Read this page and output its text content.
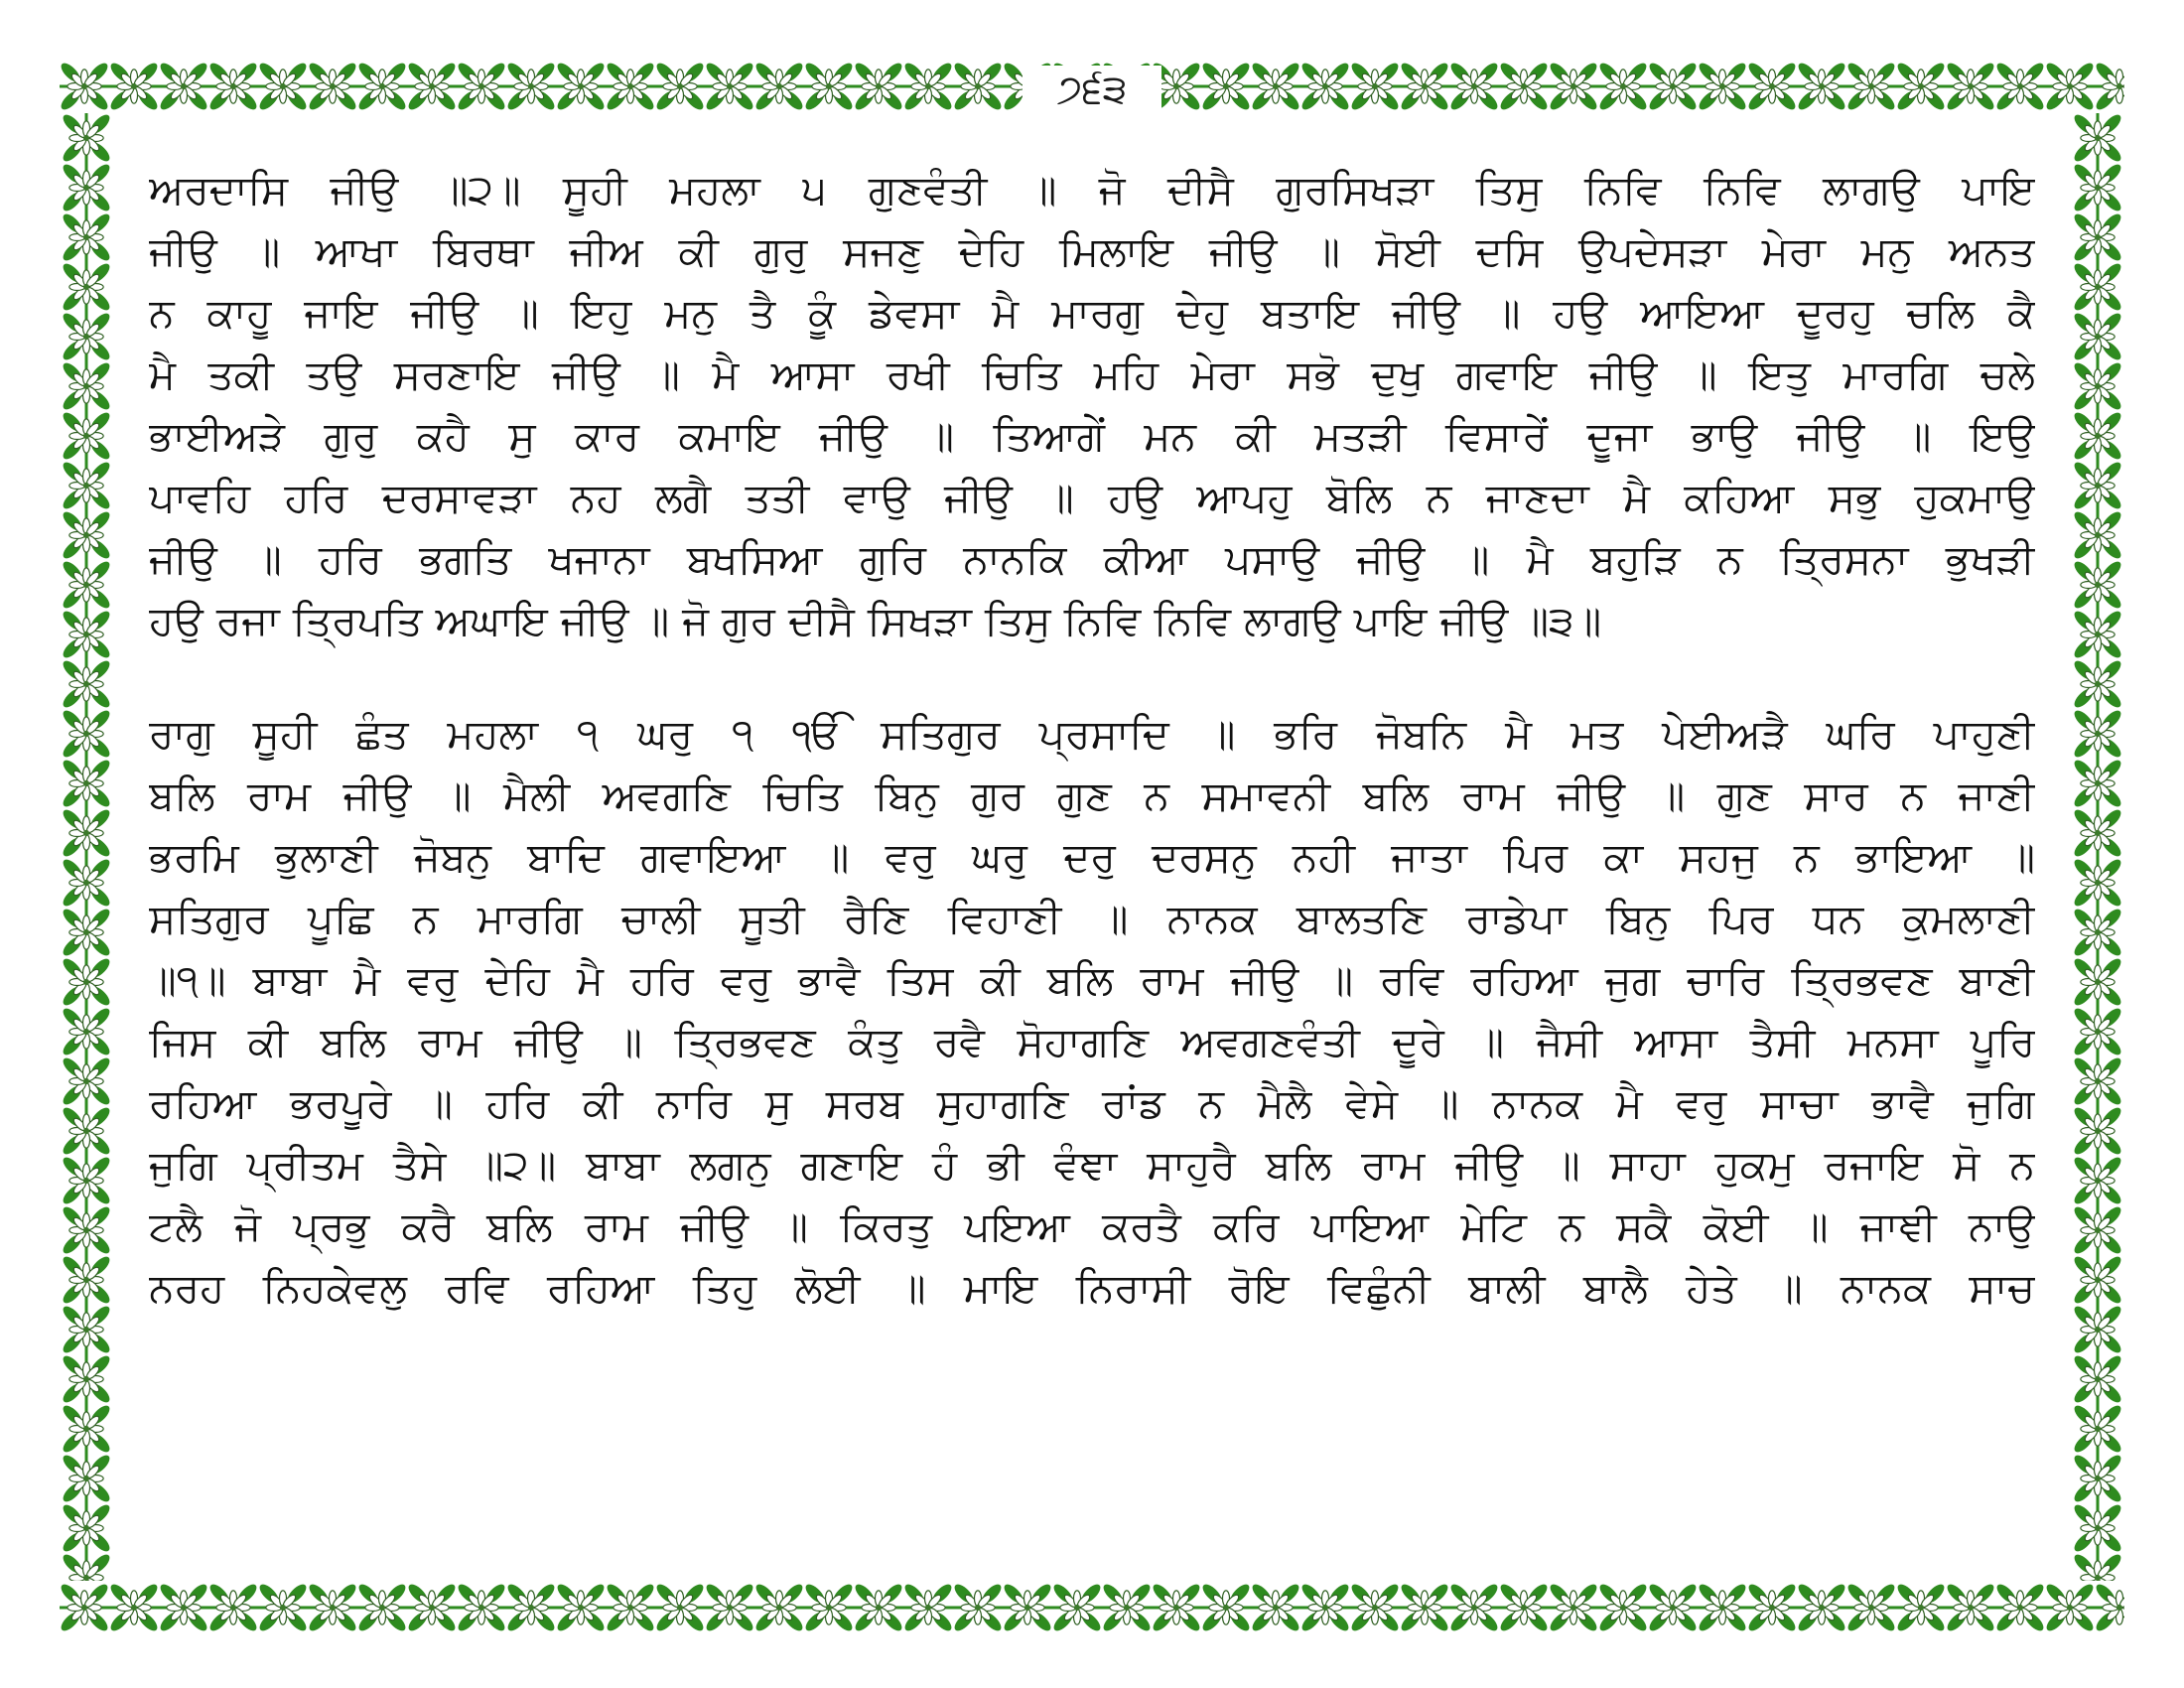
੭੬੩
ਅਰਦਾਸਿ ਜੀਉ ॥੨॥ ਸੂਹੀ ਮਹਲਾ ੫ ਗੁਣਵੰਤੀ ॥ ਜੋ ਦੀਸੈ ਗੁਰਸਿਖੜਾ ਤਿਸੁ ਨਿਵਿ ਨਿਵਿ ਲਾਗਉ ਪਾਇ
ਜੀਉ ॥ ਆਖਾ ਬਿਰਥਾ ਜੀਅ ਕੀ ਗੁਰੁ ਸਜਣੁ ਦੇਹਿ ਮਿਲਾਇ ਜੀਉ ॥ ਸੋਈ ਦਸਿ ਉਪਦੇਸੜਾ ਮੇਰਾ ਮਨੁ ਅਨਤ
ਨ ਕਾਹੂ ਜਾਇ ਜੀਉ ॥ ਇਹੁ ਮਨੁ ਤੈ ਕੂੰ ਡੇਵਸਾ ਮੈ ਮਾਰਗੁ ਦੇਹੁ ਬਤਾਇ ਜੀਉ ॥ ਹਉ ਆਇਆ ਦੂਰਹੁ ਚਲਿ ਕੈ
ਮੈ ਤਕੀ ਤਉ ਸਰਣਾਇ ਜੀਉ ॥ ਮੈ ਆਸਾ ਰਖੀ ਚਿਤਿ ਮਹਿ ਮੇਰਾ ਸਭੋ ਦੁਖੁ ਗਵਾਇ ਜੀਉ ॥ ਇਤੁ ਮਾਰਗਿ ਚਲੇ
ਭਾਈਅੜੇ ਗੁਰੁ ਕਹੈ ਸੁ ਕਾਰ ਕਮਾਇ ਜੀਉ ॥ ਤਿਆਗੇਂ ਮਨ ਕੀ ਮਤੜੀ ਵਿਸਾਰੇਂ ਦੂਜਾ ਭਾਉ ਜੀਉ ॥ ਇਉ
ਪਾਵਹਿ ਹਰਿ ਦਰਸਾਵੜਾ ਨਹ ਲਗੈ ਤਤੀ ਵਾਉ ਜੀਉ ॥ ਹਉ ਆਪਹੁ ਬੋਲਿ ਨ ਜਾਣਦਾ ਮੈ ਕਹਿਆ ਸਭੁ ਹੁਕਮਾਉ
ਜੀਉ ॥ ਹਰਿ ਭਗਤਿ ਖਜਾਨਾ ਬਖਸਿਆ ਗੁਰਿ ਨਾਨਕਿ ਕੀਆ ਪਸਾਉ ਜੀਉ ॥ ਮੈ ਬਹੁੜਿ ਨ ਤ੍ਰਿਸਨਾ ਭੁਖੜੀ
ਹਉ ਰਜਾ ਤ੍ਰਿਪਤਿ ਅਘਾਇ ਜੀਉ ॥ ਜੋ ਗੁਰ ਦੀਸੈ ਸਿਖੜਾ ਤਿਸੁ ਨਿਵਿ ਨਿਵਿ ਲਾਗਉ ਪਾਇ ਜੀਉ ॥੩॥
ਰਾਗੁ ਸੂਹੀ ਛੰਤ ਮਹਲਾ ੧ ਘਰੁ ੧ ੴ ਸਤਿਗੁਰ ਪ੍ਰਸਾਦਿ ॥ ਭਰਿ ਜੋਬਨਿ ਮੈ ਮਤ ਪੇਈਅੜੈ ਘਰਿ ਪਾਹੁਣੀ
ਬਲਿ ਰਾਮ ਜੀਉ ॥ ਮੈਲੀ ਅਵਗਣਿ ਚਿਤਿ ਬਿਨੁ ਗੁਰ ਗੁਣ ਨ ਸਮਾਵਨੀ ਬਲਿ ਰਾਮ ਜੀਉ ॥ ਗੁਣ ਸਾਰ ਨ ਜਾਣੀ
ਭਰਮਿ ਭੁਲਾਣੀ ਜੋਬਨੁ ਬਾਦਿ ਗਵਾਇਆ ॥ ਵਰੁ ਘਰੁ ਦਰੁ ਦਰਸਨੁ ਨਹੀ ਜਾਤਾ ਪਿਰ ਕਾ ਸਹਜੁ ਨ ਭਾਇਆ ॥
ਸਤਿਗੁਰ ਪੂਛਿ ਨ ਮਾਰਗਿ ਚਾਲੀ ਸੂਤੀ ਰੈਣਿ ਵਿਹਾਣੀ ॥ ਨਾਨਕ ਬਾਲਤਣਿ ਰਾਡੇਪਾ ਬਿਨੁ ਪਿਰ ਧਨ ਕੁਮਲਾਣੀ
॥੧॥ ਬਾਬਾ ਮੈ ਵਰੁ ਦੇਹਿ ਮੈ ਹਰਿ ਵਰੁ ਭਾਵੈ ਤਿਸ ਕੀ ਬਲਿ ਰਾਮ ਜੀਉ ॥ ਰਵਿ ਰਹਿਆ ਜੁਗ ਚਾਰਿ ਤ੍ਰਿਭਵਣ ਬਾਣੀ
ਜਿਸ ਕੀ ਬਲਿ ਰਾਮ ਜੀਉ ॥ ਤ੍ਰਿਭਵਣ ਕੰਤੁ ਰਵੈ ਸੋਹਾਗਣਿ ਅਵਗਣਵੰਤੀ ਦੂਰੇ ॥ ਜੈਸੀ ਆਸਾ ਤੈਸੀ ਮਨਸਾ ਪੂਰਿ
ਰਹਿਆ ਭਰਪੂਰੇ ॥ ਹਰਿ ਕੀ ਨਾਰਿ ਸੁ ਸਰਬ ਸੁਹਾਗਣਿ ਰਾਂਡ ਨ ਮੈਲੈ ਵੇਸੇ ॥ ਨਾਨਕ ਮੈ ਵਰੁ ਸਾਚਾ ਭਾਵੈ ਜੁਗਿ
ਜੁਗਿ ਪ੍ਰੀਤਮ ਤੈਸੇ ॥੨॥ ਬਾਬਾ ਲਗਨੁ ਗਣਾਇ ਹੰ ਭੀ ਵੰਞਾ ਸਾਹੁਰੈ ਬਲਿ ਰਾਮ ਜੀਉ ॥ ਸਾਹਾ ਹੁਕਮੁ ਰਜਾਇ ਸੋ ਨ
ਟਲੈ ਜੋ ਪ੍ਰਭੁ ਕਰੈ ਬਲਿ ਰਾਮ ਜੀਉ ॥ ਕਿਰਤੁ ਪਇਆ ਕਰਤੈ ਕਰਿ ਪਾਇਆ ਮੇਟਿ ਨ ਸਕੈ ਕੋਈ ॥ ਜਾਞੀ ਨਾਉ
ਨਰਹ ਨਿਹਕੇਵਲੁ ਰਵਿ ਰਹਿਆ ਤਿਹੁ ਲੋਈ ॥ ਮਾਇ ਨਿਰਾਸੀ ਰੋਇ ਵਿਛੁੰਨੀ ਬਾਲੀ ਬਾਲੈ ਹੇਤੇ ॥ ਨਾਨਕ ਸਾਚ
